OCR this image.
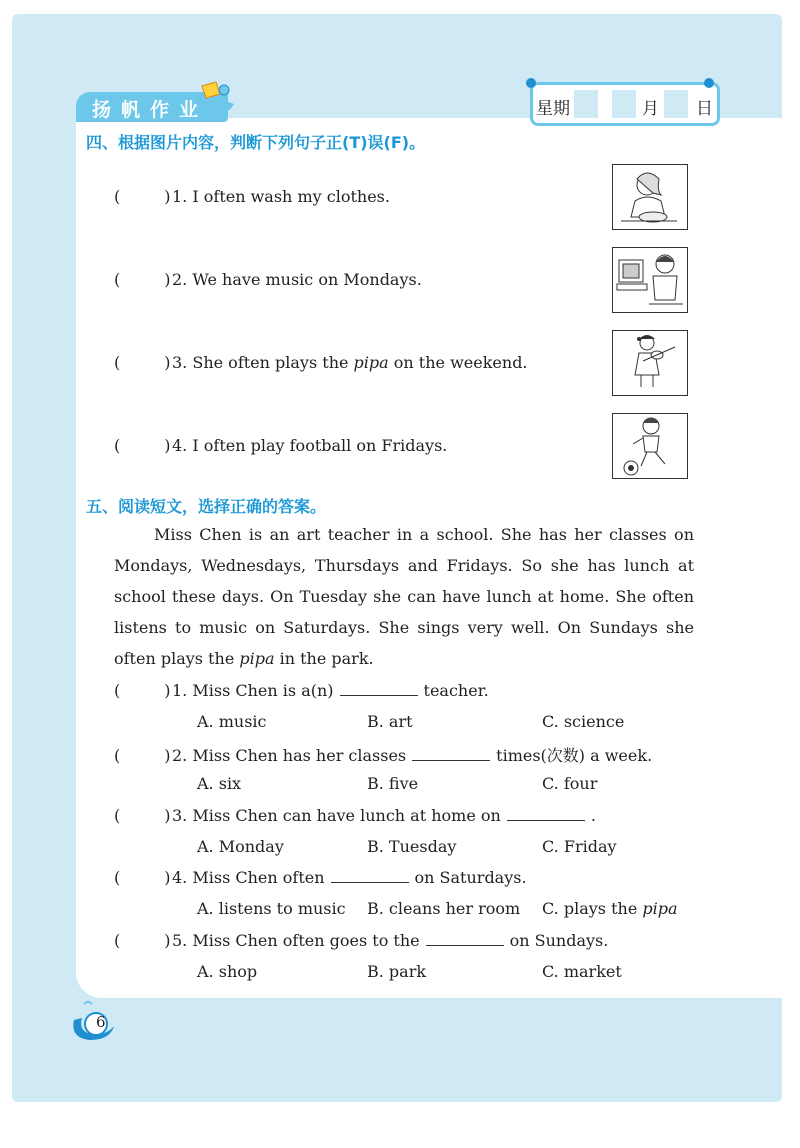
扬帆作业	星期	月 日
四、根据图片内容，判断下列句子正(T)误(F)。
(	)1. I often wash my clothes.
(	)2. We have music on Mondays.
(	)3. She often plays the pipa on the weekend.
(	)4. I often play football on Fridays.
五、阅读短文，选择正确的答案。
Miss Chen is an art teacher in a school. She has her classes on Mondays, Wednesdays, Thursdays and Fridays. So she has lunch at school these days. On Tuesday she can have lunch at home. She often listens to music on Saturdays. She sings very well. On Sundays she often plays the pipa in the park.
(	)1. Miss Chen is a(n)	teacher.
A. music	B. art	C. science
(	)2. Miss Chen has her classes	times(次数) a week.
A. six	B. five	C. four
(	)3. Miss Chen can have lunch at home on	.
A. Monday	B. Tuesday	C. Friday
(	)4. Miss Chen often	on Saturdays.
A. listens to music B. cleans her room C. plays the pipa
(	)5. Miss Chen often goes to the	on Sundays.
A. shop	B. park	C. market
6
